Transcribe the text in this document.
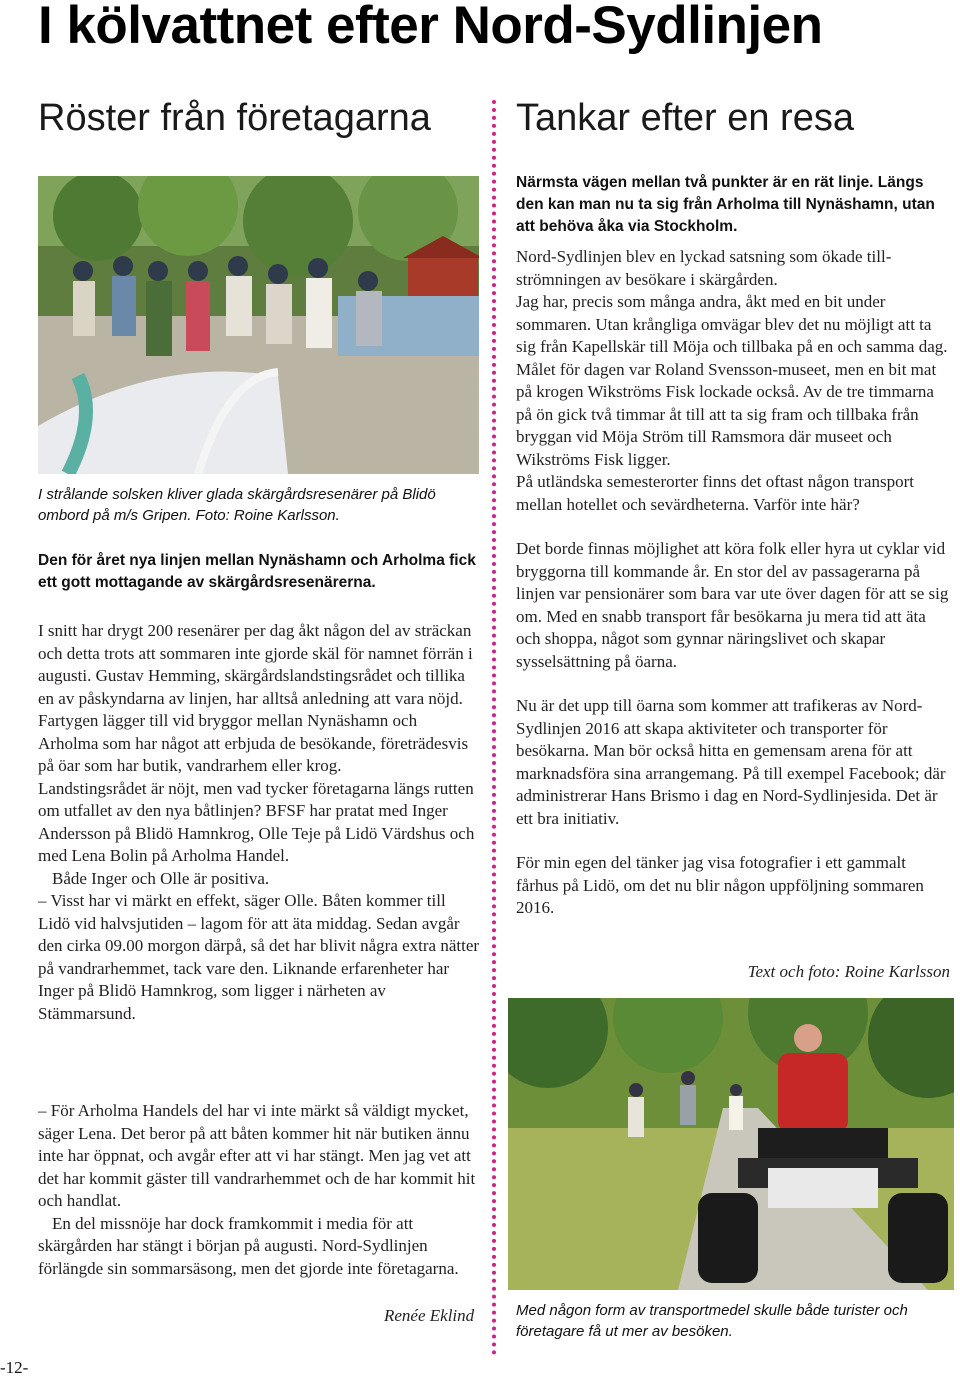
I kölvattnet efter Nord-Sydlinjen
Röster från företagarna Tankar efter en resa

I strålande solsken kliver glada skärgårdsresenärer på Blidö ombord på m/s Gripen. Foto: Roine Karlsson.

Den för året nya linjen mellan Nynäshamn och Arholma fick ett gott mottagande av skärgårdsresenärerna.

I snitt har drygt 200 resenärer per dag åkt någon del av sträckan och detta trots att sommaren inte gjorde skäl för namnet förrän i augusti. Gustav Hemming, skärgårdslandstingsrådet och tillika en av påskyndarna av linjen, har alltså anledning att vara nöjd. Fartygen lägger till vid bryggor mellan Nynäshamn och Arholma som har något att erbjuda de besökande, företrädesvis på öar som har butik, vandrarhem eller krog.

Landstingsrådet är nöjt, men vad tycker företagarna längs rutten om utfallet av den nya båtlinjen? BFSF har pratat med Inger Andersson på Blidö Hamnkrog, Olle Teje på Lidö Värdshus och med Lena Bolin på Arholma Handel.

Både Inger och Olle är positiva.

– Visst har vi märkt en effekt, säger Olle. Båten kommer till Lidö vid halvsjutiden – lagom för att äta middag. Sedan avgår den cirka 09.00 morgon därpå, så det har blivit några extra nätter på vandrarhemmet, tack vare den. Liknande erfarenheter har Inger på Blidö Hamnkrog, som ligger i närheten av Stämmarsund.

– För Arholma Handels del har vi inte märkt så väldigt mycket, säger Lena. Det beror på att båten kommer hit när butiken ännu inte har öppnat, och avgår efter att vi har stängt. Men jag vet att det har kommit gäster till vandrarhemmet och de har kommit hit och handlat.

En del missnöje har dock framkommit i media för att skärgården har stängt i början på augusti. Nord-Sydlinjen förlängde sin sommarsäsong, men det gjorde inte företagarna.

Renée Eklind

Närmsta vägen mellan två punkter är en rät linje. Längs den kan man nu ta sig från Arholma till Nynäshamn, utan att behöva åka via Stockholm.

Nord-Sydlinjen blev en lyckad satsning som ökade tillströmningen av besökare i skärgården.

Jag har, precis som många andra, åkt med en bit under sommaren. Utan krångliga omvägar blev det nu möjligt att ta sig från Kapellskär till Möja och tillbaka på en och samma dag.

Målet för dagen var Roland Svensson-museet, men en bit mat på krogen Wikströms Fisk lockade också. Av de tre timmarna på ön gick två timmar åt till att ta sig fram och tillbaka från bryggan vid Möja Ström till Ramsmora där museet och Wikströms Fisk ligger.

På utländska semesterorter finns det oftast någon transport mellan hotellet och sevärdheterna. Varför inte här?

Det borde finnas möjlighet att köra folk eller hyra ut cyklar vid bryggorna till kommande år. En stor del av passagerarna på linjen var pensionärer som bara var ute över dagen för att se sig om. Med en snabb transport får besökarna ju mera tid att äta och shoppa, något som gynnar näringslivet och skapar sysselsättning på öarna.

Nu är det upp till öarna som kommer att trafikeras av Nord-Sydlinjen 2016 att skapa aktiviteter och transporter för besökarna. Man bör också hitta en gemensam arena för att marknadsföra sina arrangemang. På till exempel Facebook; där administrerar Hans Brismo i dag en Nord-Sydlinjesida. Det är ett bra initiativ.

För min egen del tänker jag visa fotografier i ett gammalt fårhus på Lidö, om det nu blir någon uppföljning sommaren 2016.

Text och foto: Roine Karlsson

Med någon form av transportmedel skulle både turister och företagare få ut mer av besöken.

-12-
